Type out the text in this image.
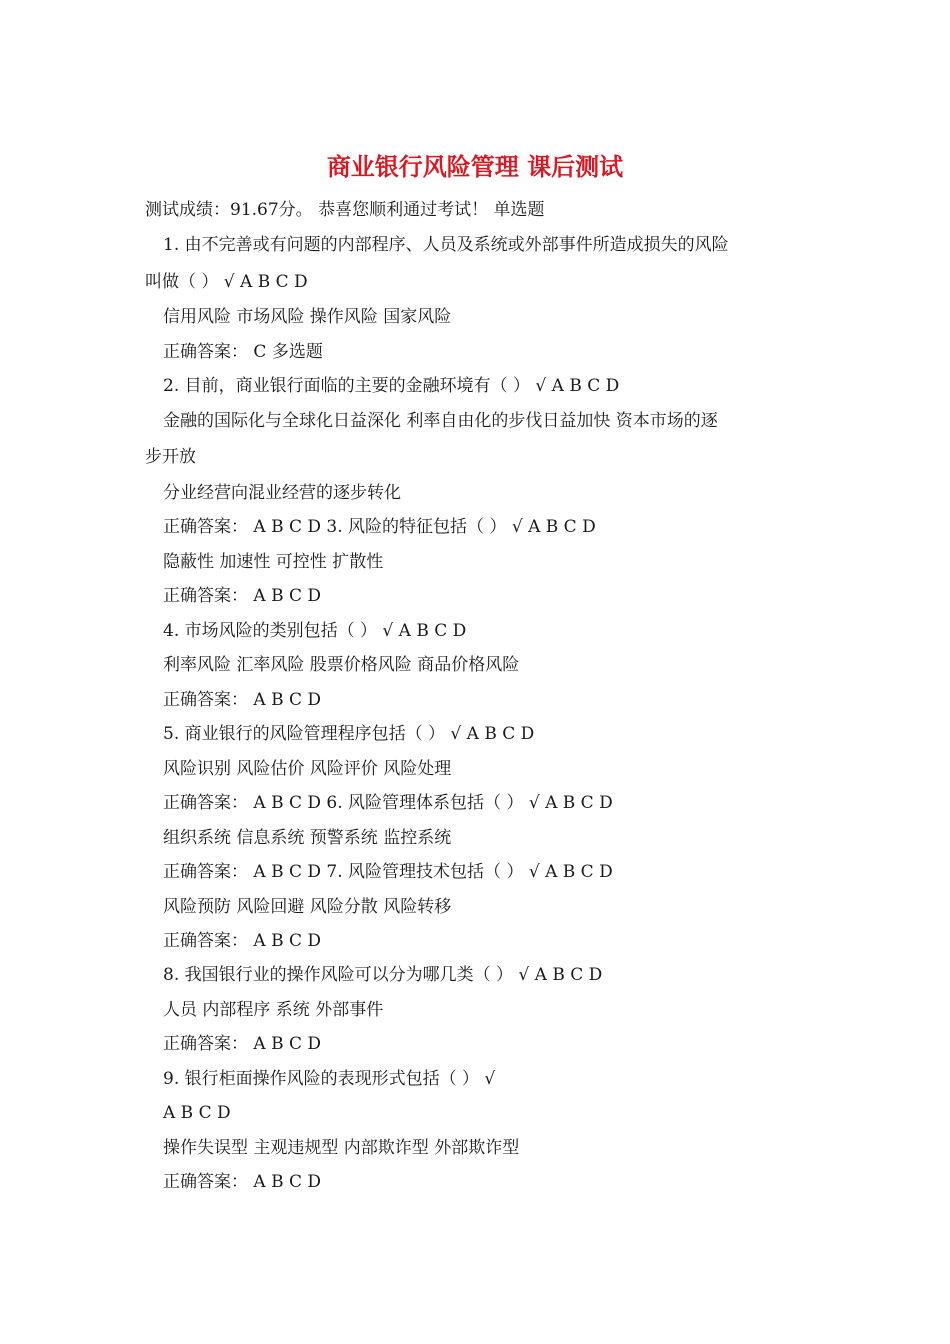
商业银行风险管理 课后测试
测试成绩：91.67分。 恭喜您顺利通过考试！ 单选题
1. 由不完善或有问题的内部程序、人员及系统或外部事件所造成损失的风险
叫做（ ） √ A B C D
信用风险 市场风险 操作风险 国家风险
正确答案： C 多选题
2. 目前，商业银行面临的主要的金融环境有（ ） √ A B C D
金融的国际化与全球化日益深化 利率自由化的步伐日益加快 资本市场的逐
步开放
分业经营向混业经营的逐步转化
正确答案： A B C D 3. 风险的特征包括（ ） √ A B C D
隐蔽性 加速性 可控性 扩散性
正确答案： A B C D
4. 市场风险的类别包括（ ） √ A B C D
利率风险 汇率风险 股票价格风险 商品价格风险
正确答案： A B C D
5. 商业银行的风险管理程序包括（ ） √ A B C D
风险识别 风险估价 风险评价 风险处理
正确答案： A B C D 6. 风险管理体系包括（ ） √ A B C D
组织系统 信息系统 预警系统 监控系统
正确答案： A B C D 7. 风险管理技术包括（ ） √ A B C D
风险预防 风险回避 风险分散 风险转移
正确答案： A B C D
8. 我国银行业的操作风险可以分为哪几类（ ） √ A B C D
人员 内部程序 系统 外部事件
正确答案： A B C D
9. 银行柜面操作风险的表现形式包括（ ） √
A B C D
操作失误型 主观违规型 内部欺诈型 外部欺诈型
正确答案： A B C D
